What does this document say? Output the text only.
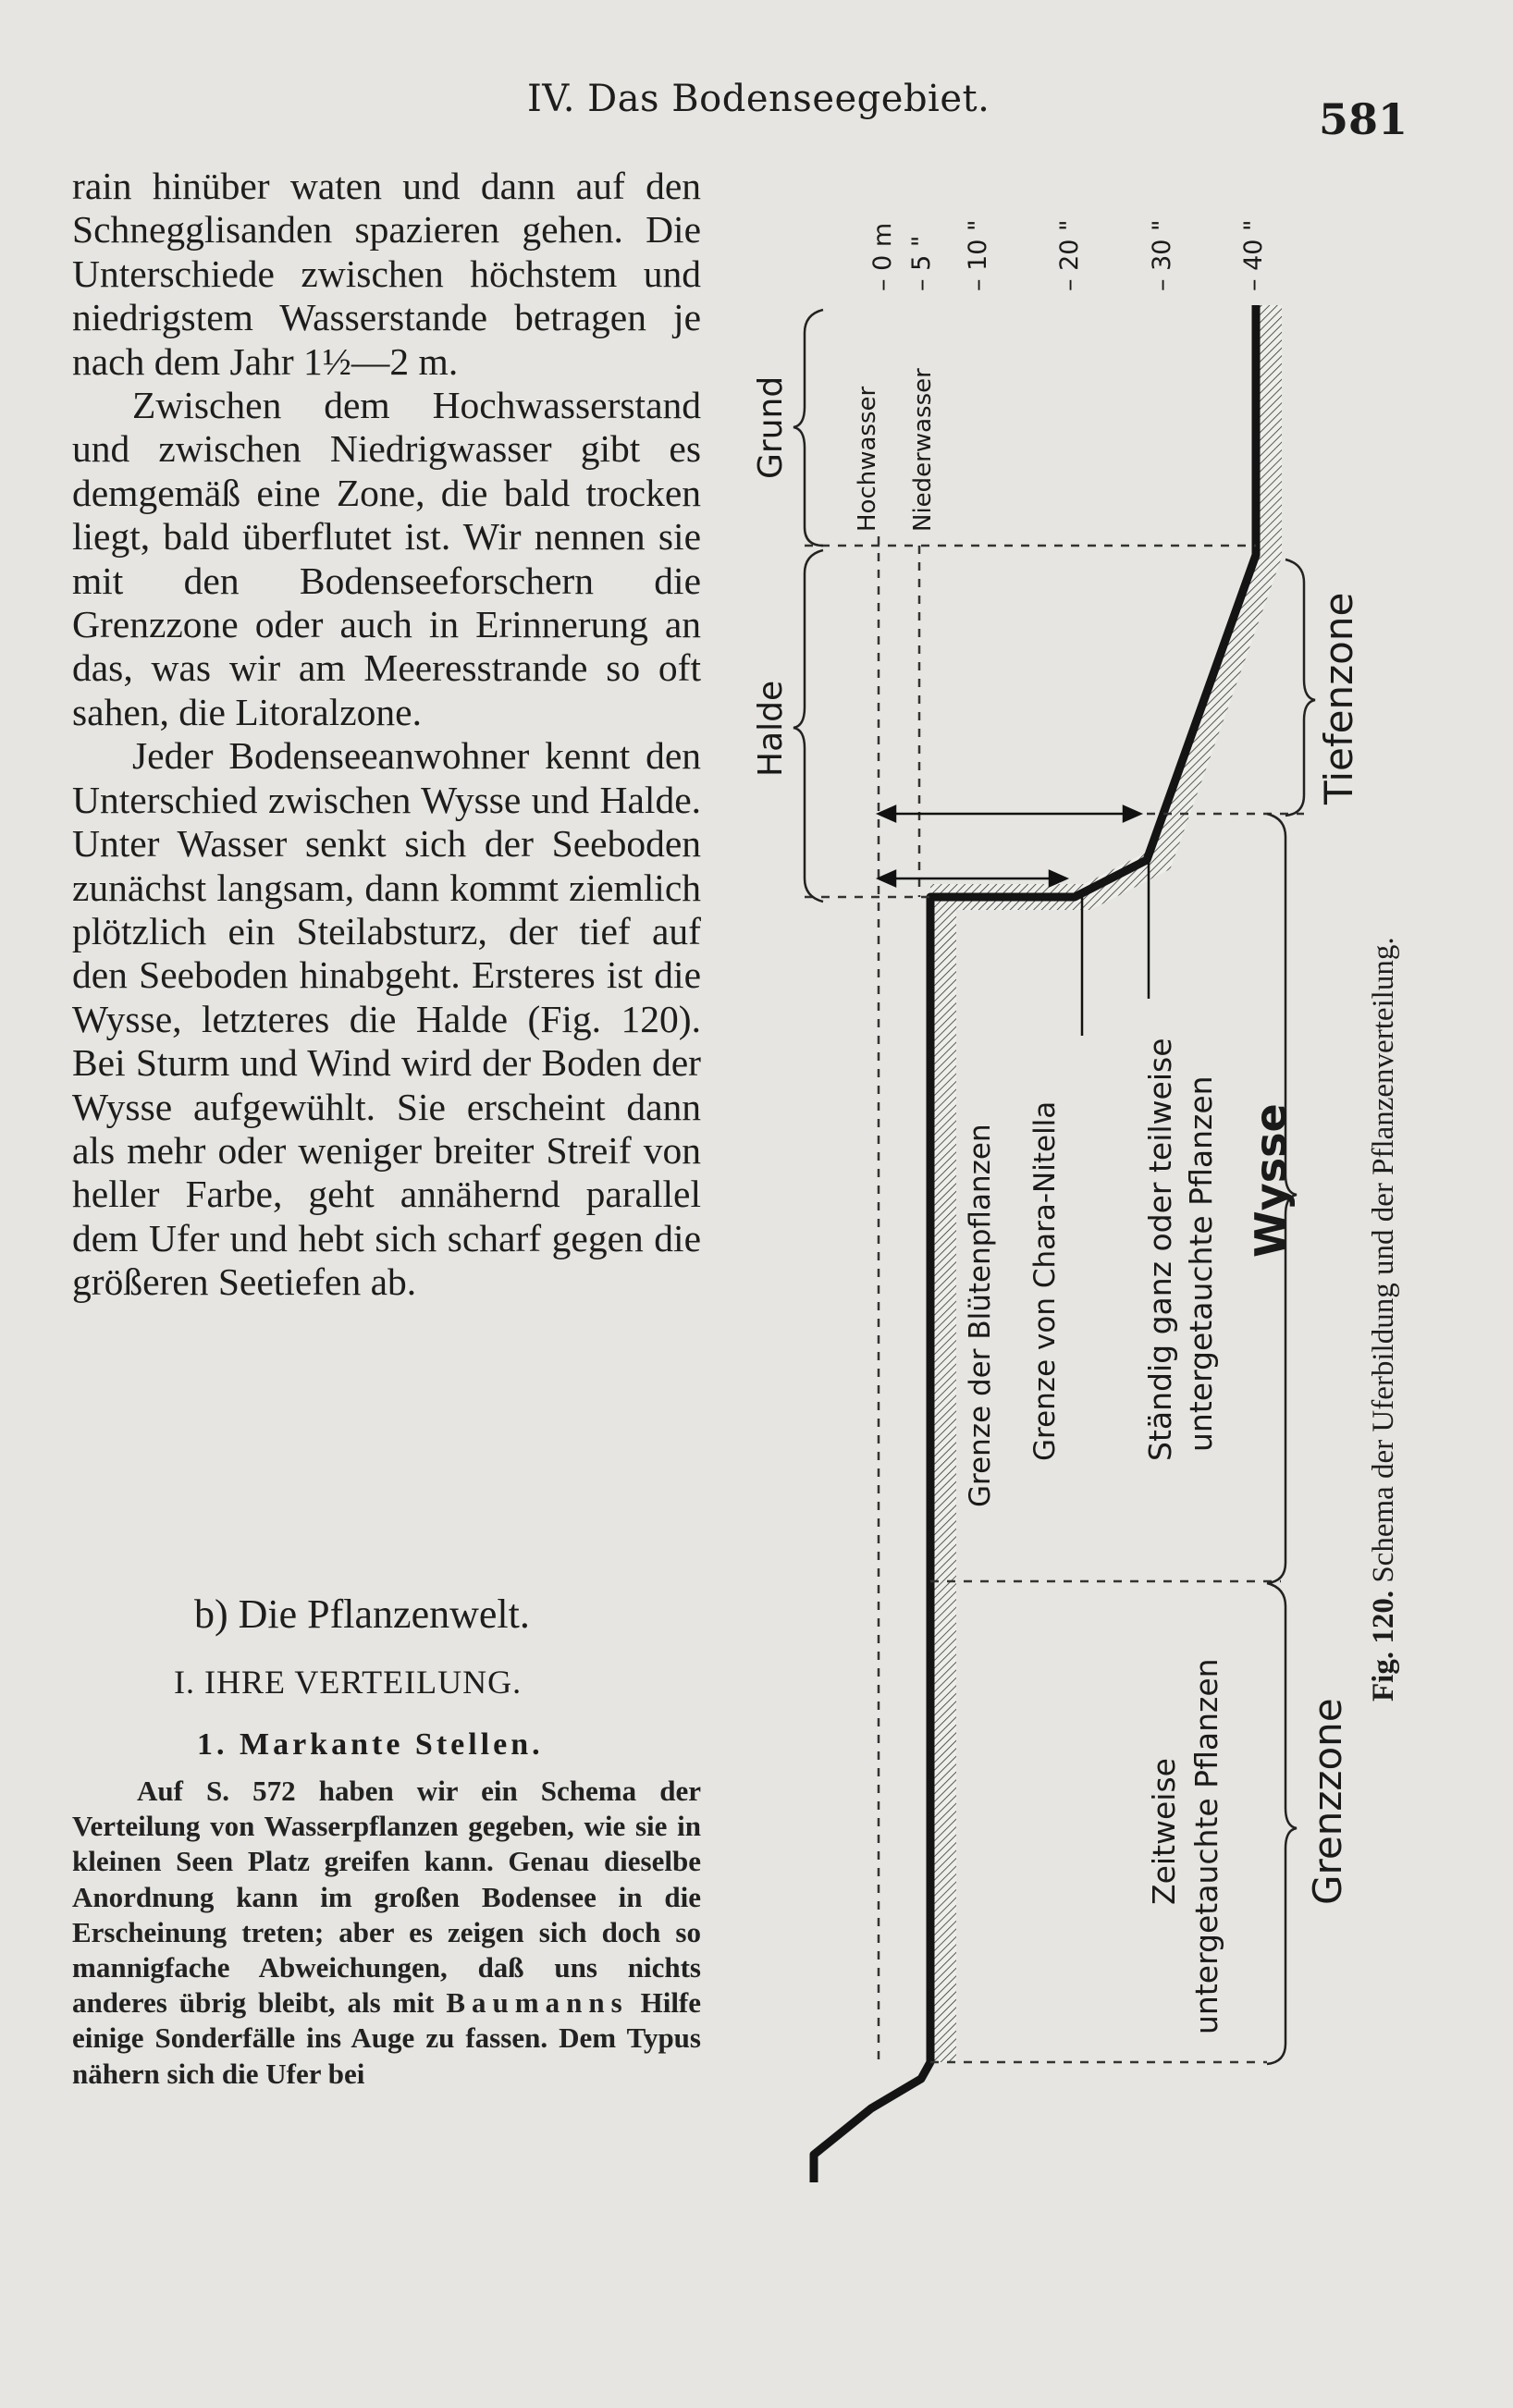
IV. Das Bodenseegebiet.	581

rain hinüber waten und dann auf den Schnegglisanden spazieren gehen. Die Unterschiede zwischen höchstem und niedrigstem Wasserstande betragen je nach dem Jahr 1½—2 m.

Zwischen dem Hochwasserstand und zwischen Niedrigwasser gibt es demgemäß eine Zone, die bald trocken liegt, bald überflutet ist. Wir nennen sie mit den Bodenseeforschern die Grenzzone oder auch in Erinnerung an das, was wir am Meeresstrande so oft sahen, die Litoralzone.

Jeder Bodenseeanwohner kennt den Unterschied zwischen Wysse und Halde. Unter Wasser senkt sich der Seeboden zunächst langsam, dann kommt ziemlich plötzlich ein Steilabsturz, der tief auf den Seeboden hinabgeht. Ersteres ist die Wysse, letzteres die Halde (Fig. 120). Bei Sturm und Wind wird der Boden der Wysse aufgewühlt. Sie erscheint dann als mehr oder weniger breiter Streif von heller Farbe, geht annähernd parallel dem Ufer und hebt sich scharf gegen die größeren Seetiefen ab.

b) Die Pflanzenwelt.
I. IHRE VERTEILUNG.
1. Markante Stellen.

Auf S. 572 haben wir ein Schema der Verteilung von Wasserpflanzen gegeben, wie sie in kleinen Seen Platz greifen kann. Genau dieselbe Anordnung kann im großen Bodensee in die Erscheinung treten; aber es zeigen sich doch so mannigfache Abweichungen, daß uns nichts anderes übrig bleibt, als mit Baumanns Hilfe einige Sonderfälle ins Auge zu fassen. Dem Typus nähern sich die Ufer bei

– 0 m – 5 " – 10 "	– 20 "	– 30 "	– 40 "
Hochwasser Niederwasser
Grund
Halde	Tiefenzone
Wysse
Grenzzone
Grenze der Blütenpflanzen Grenze von Chara-Nitella	Ständig ganz oder teilweise untergetauchte Pflanzen
Zeitweise untergetauchte Pflanzen
Fig. 120. Schema der Uferbildung und der Pflanzenverteilung.
